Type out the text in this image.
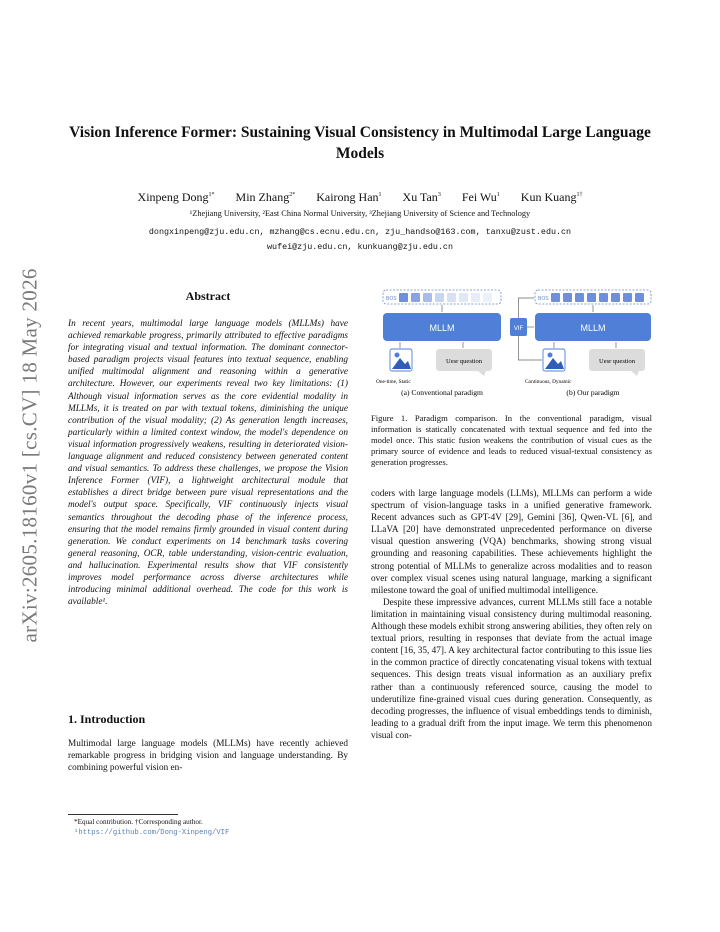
arXiv:2605.18160v1 [cs.CV] 18 May 2026
Vision Inference Former: Sustaining Visual Consistency in Multimodal Large Language Models
Xinpeng Dong$^{1*}$ Min Zhang$^{2*}$ Kairong Han$^1$ Xu Tan$^3$ Fei Wu$^1$ Kun Kuang$^{1\dagger}$
¹Zhejiang University, ²East China Normal University, ³Zhejiang University of Science and Technology
dongxinpeng@zju.edu.cn, mzhang@cs.ecnu.edu.cn, zju_handso@163.com, tanxu@zust.edu.cn
wufei@zju.edu.cn, kunkuang@zju.edu.cn
Abstract
In recent years, multimodal large language models (MLLMs) have achieved remarkable progress, primarily attributed to effective paradigms for integrating visual and textual information. The dominant connector-based paradigm projects visual features into textual sequence, enabling unified multimodal alignment and reasoning within a generative architecture. However, our experiments reveal two key limitations: (1) Although visual information serves as the core evidential modality in MLLMs, it is treated on par with textual tokens, diminishing the unique contribution of the visual modality; (2) As generation length increases, particularly within a limited context window, the model's dependence on visual information progressively weakens, resulting in deteriorated vision-language alignment and reduced consistency between generated content and visual semantics. To address these challenges, we propose the Vision Inference Former (VIF), a lightweight architectural module that establishes a direct bridge between pure visual representations and the model's output space. Specifically, VIF continuously injects visual semantics throughout the decoding phase of the inference process, ensuring that the model remains firmly grounded in visual content during generation. We conduct experiments on 14 benchmark tasks covering general reasoning, OCR, table understanding, vision-centric evaluation, and hallucination. Experimental results show that VIF consistently improves model performance across diverse architectures while introducing minimal additional overhead. The code for this work is available¹.
1. Introduction
Multimodal large language models (MLLMs) have recently achieved remarkable progress in bridging vision and language understanding. By combining powerful vision en-
*Equal contribution. †Corresponding author.
¹https://github.com/Dong-Xinpeng/VIF
BOS
MLLM
Uesr question
One-time, Static
(a) Conventional paradigm
BOS
MLLM
VIF
Uesr question
Continuous, Dynamic
(b) Our paradigm
Figure 1. Paradigm comparison. In the conventional paradigm, visual information is statically concatenated with textual sequence and fed into the model once. This static fusion weakens the contribution of visual cues as the primary source of evidence and leads to reduced visual-textual consistency as generation progresses.

coders with large language models (LLMs), MLLMs can perform a wide spectrum of vision-language tasks in a unified generative framework. Recent advances such as GPT-4V [29], Gemini [36], Qwen-VL [6], and LLaVA [20] have demonstrated unprecedented performance on diverse visual question answering (VQA) benchmarks, showing strong visual grounding and reasoning capabilities. These achievements highlight the strong potential of MLLMs to generalize across modalities and to reason over complex visual scenes using natural language, marking a significant milestone toward the goal of unified multimodal intelligence.

Despite these impressive advances, current MLLMs still face a notable limitation in maintaining visual consistency during multimodal reasoning. Although these models exhibit strong answering abilities, they often rely on textual priors, resulting in responses that deviate from the actual image content [16, 35, 47]. A key architectural factor contributing to this issue lies in the common practice of directly concatenating visual tokens with textual sequences. This design treats visual information as an auxiliary prefix rather than a continuously referenced source, causing the model to underutilize fine-grained visual cues during generation. Consequently, as decoding progresses, the influence of visual embeddings tends to diminish, leading to a gradual drift from the input image. We term this phenomenon visual con-
